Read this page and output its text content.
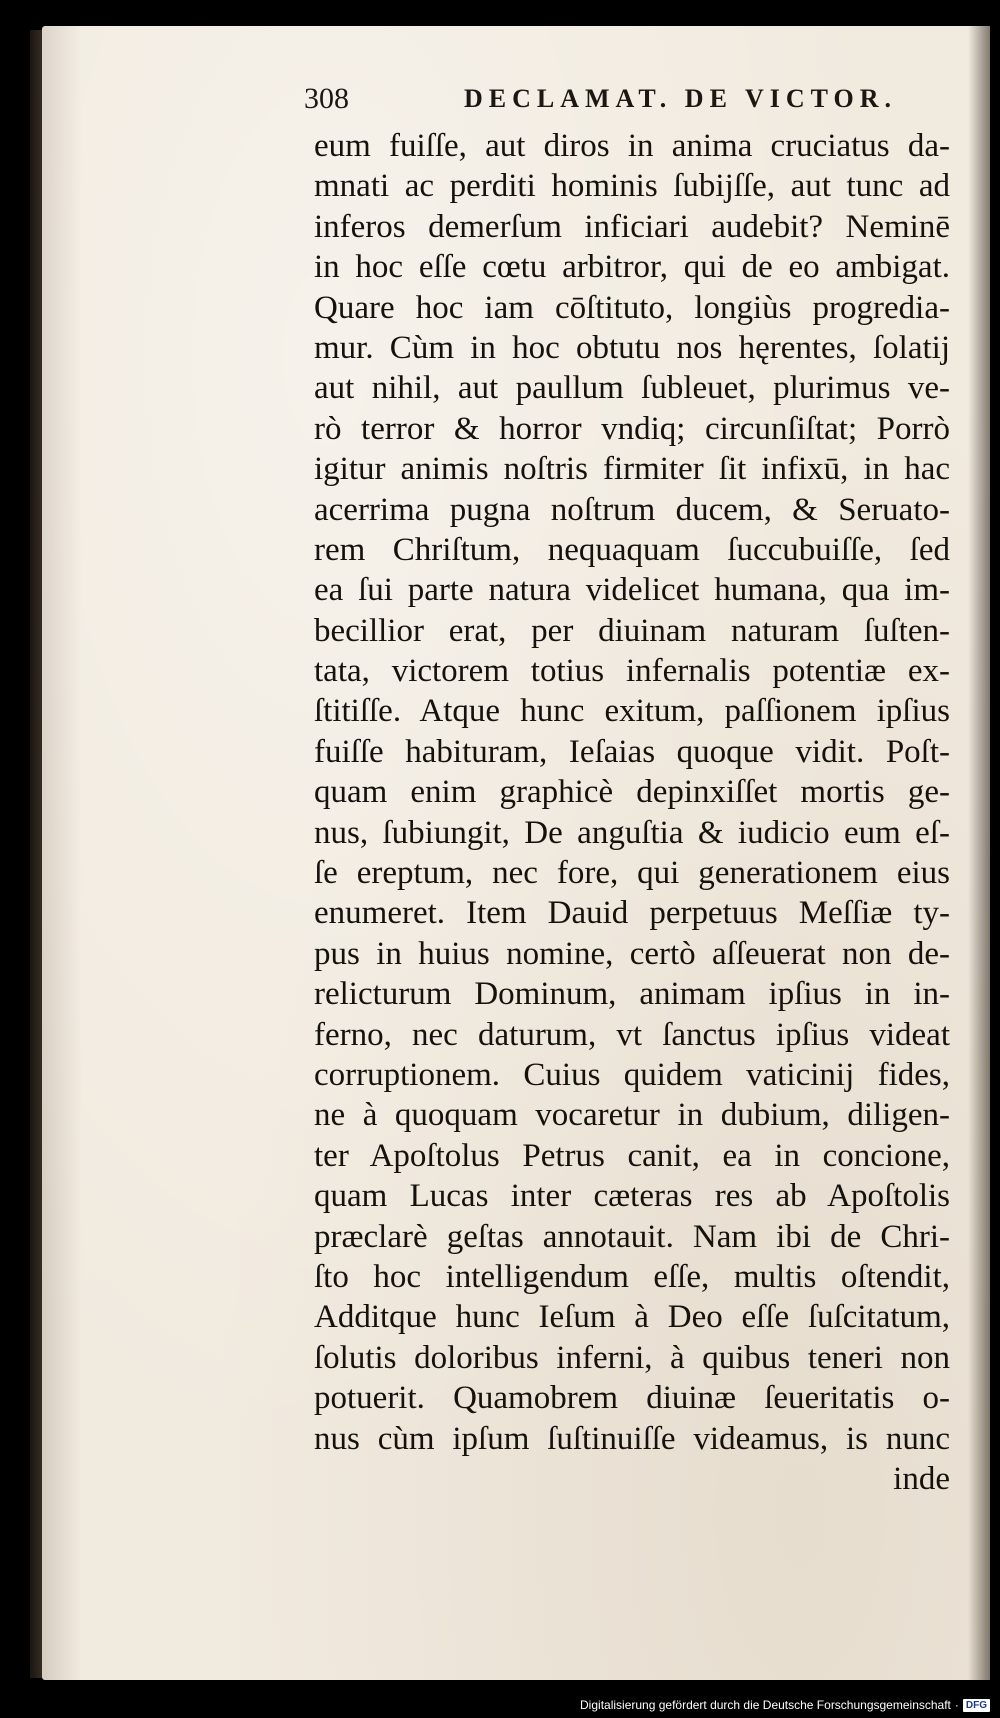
308	DECLAMAT. DE VICTOR.
eum fuiſſe, aut diros in anima cruciatus da-
mnati ac perditi hominis ſubijſſe, aut tunc ad
inferos demerſum inficiari audebit? Neminē
in hoc eſſe cœtu arbitror, qui de eo ambigat.
Quare hoc iam cōſtituto, longiùs progredia-
mur. Cùm in hoc obtutu nos hęrentes, ſolatij
aut nihil, aut paullum ſubleuet, plurimus ve-
rò terror & horror vndiq; circunſiſtat; Porrò
igitur animis noſtris firmiter ſit infixū, in hac
acerrima pugna noſtrum ducem, & Seruato-
rem Chriſtum, nequaquam ſuccubuiſſe, ſed
ea ſui parte natura videlicet humana, qua im-
becillior erat, per diuinam naturam ſuſten-
tata, victorem totius infernalis potentiæ ex-
ſtitiſſe. Atque hunc exitum, paſſionem ipſius
fuiſſe habituram, Ieſaias quoque vidit. Poſt-
quam enim graphicè depinxiſſet mortis ge-
nus, ſubiungit, De anguſtia & iudicio eum eſ-
ſe ereptum, nec fore, qui generationem eius
enumeret. Item Dauid perpetuus Meſſiæ ty-
pus in huius nomine, certò aſſeuerat non de-
relicturum Dominum, animam ipſius in in-
ferno, nec daturum, vt ſanctus ipſius videat
corruptionem. Cuius quidem vaticinij fides,
ne à quoquam vocaretur in dubium, diligen-
ter Apoſtolus Petrus canit, ea in concione,
quam Lucas inter cæteras res ab Apoſtolis
præclarè geſtas annotauit. Nam ibi de Chri-
ſto hoc intelligendum eſſe, multis oſtendit,
Additque hunc Ieſum à Deo eſſe ſuſcitatum,
ſolutis doloribus inferni, à quibus teneri non
potuerit. Quamobrem diuinæ ſeueritatis o-
nus cùm ipſum ſuſtinuiſſe videamus, is nunc
inde
Digitalisierung gefördert durch die Deutsche Forschungsgemeinschaft · DFG
